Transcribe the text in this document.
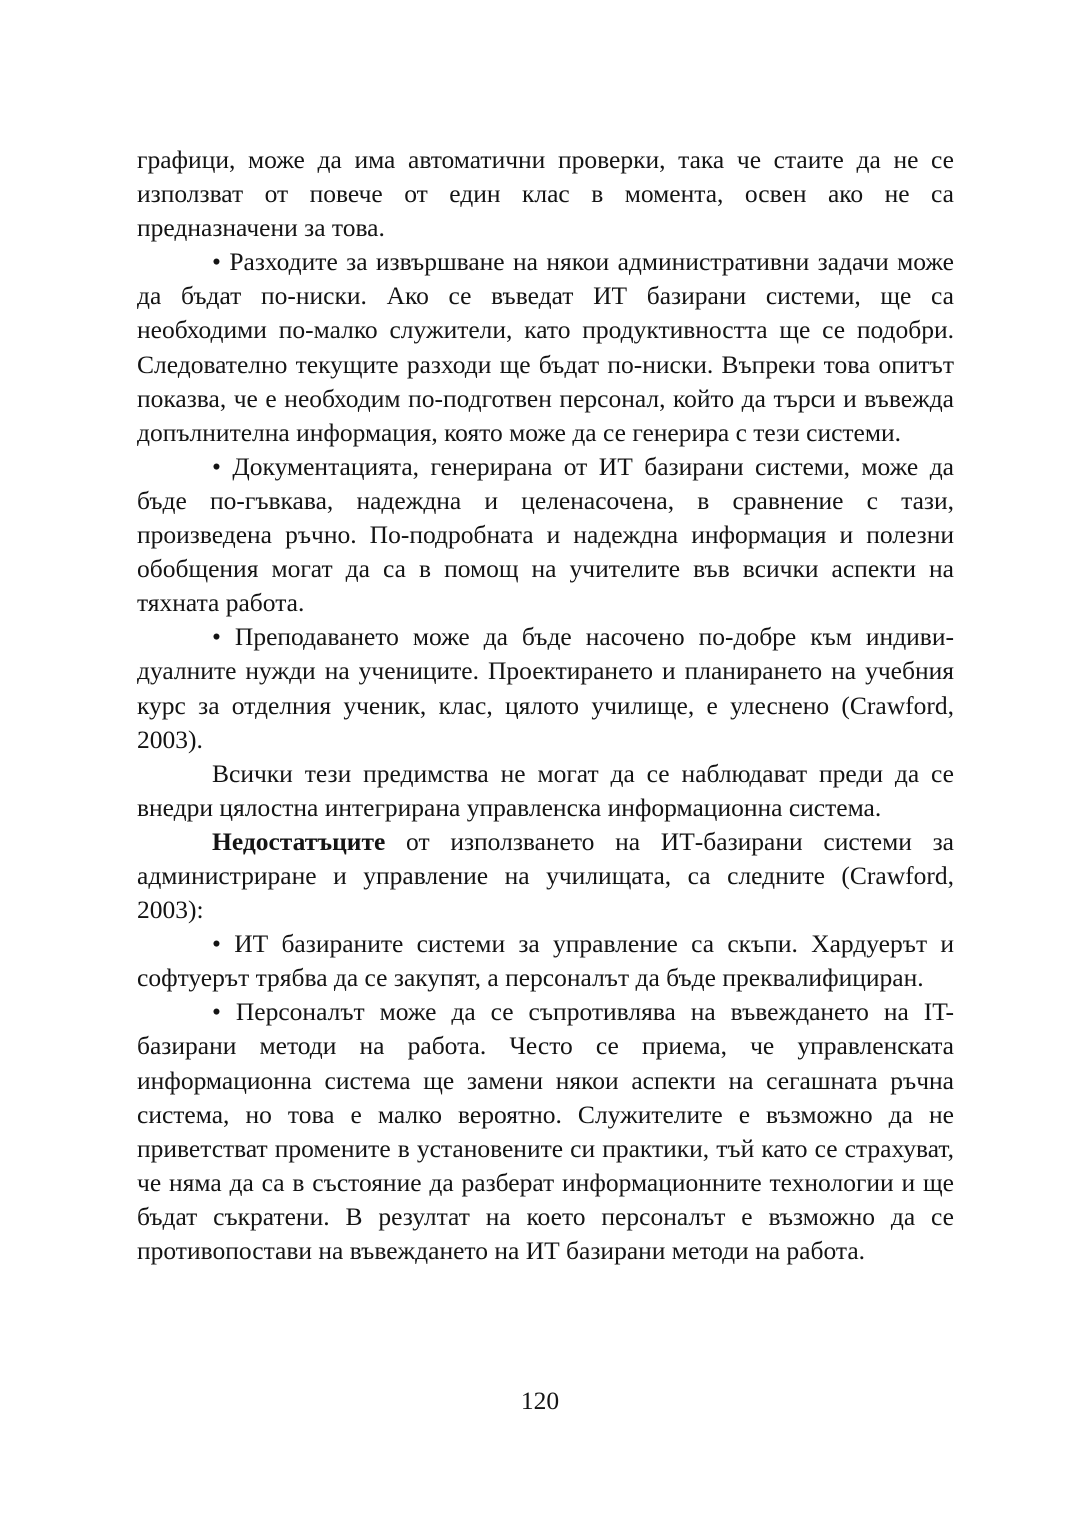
графици, може да има автоматични проверки, така че стаите да не се използват от повече от един клас в момента, освен ако не са предназначени за това.

• Разходите за извършване на някои административни задачи може да бъдат по-ниски. Ако се въведат ИТ базирани системи, ще са необходими по-малко служители, като продуктивността ще се подобри. Следователно текущите разходи ще бъдат по-ниски. Въпреки това опитът показва, че е необходим по-подготвен персонал, който да търси и въвежда допълнителна информация, която може да се генерира с тези системи.

• Документацията, генерирана от ИТ базирани системи, може да бъде по-гъвкава, надеждна и целенасочена, в сравнение с тази, произведена ръчно. По-подробната и надеждна информация и полезни обобщения могат да са в помощ на учителите във всички аспекти на тяхната работа.

• Преподаването може да бъде насочено по-добре към индивидуалните нужди на учениците. Проектирането и планирането на учебния курс за отделния ученик, клас, цялото училище, е улеснено (Crawford, 2003).

Всички тези предимства не могат да се наблюдават преди да се внедри цялостна интегрирана управленска информационна система.

Недостатъците от използването на ИТ-базирани системи за администриране и управление на училищата, са следните (Crawford, 2003):

• ИТ базираните системи за управление са скъпи. Хардуерът и софтуерът трябва да се закупят, а персоналът да бъде преквалифициран.

• Персоналът може да се съпротивлява на въвеждането на IT-базирани методи на работа. Често се приема, че управленската информационна система ще замени някои аспекти на сегашната ръчна система, но това е малко вероятно. Служителите е възможно да не приветстват промените в установените си практики, тъй като се страхуват, че няма да са в състояние да разберат информационните технологии и ще бъдат съкратени. В резултат на което персоналът е възможно да се противопостави на въвеждането на ИТ базирани методи на работа.

120
